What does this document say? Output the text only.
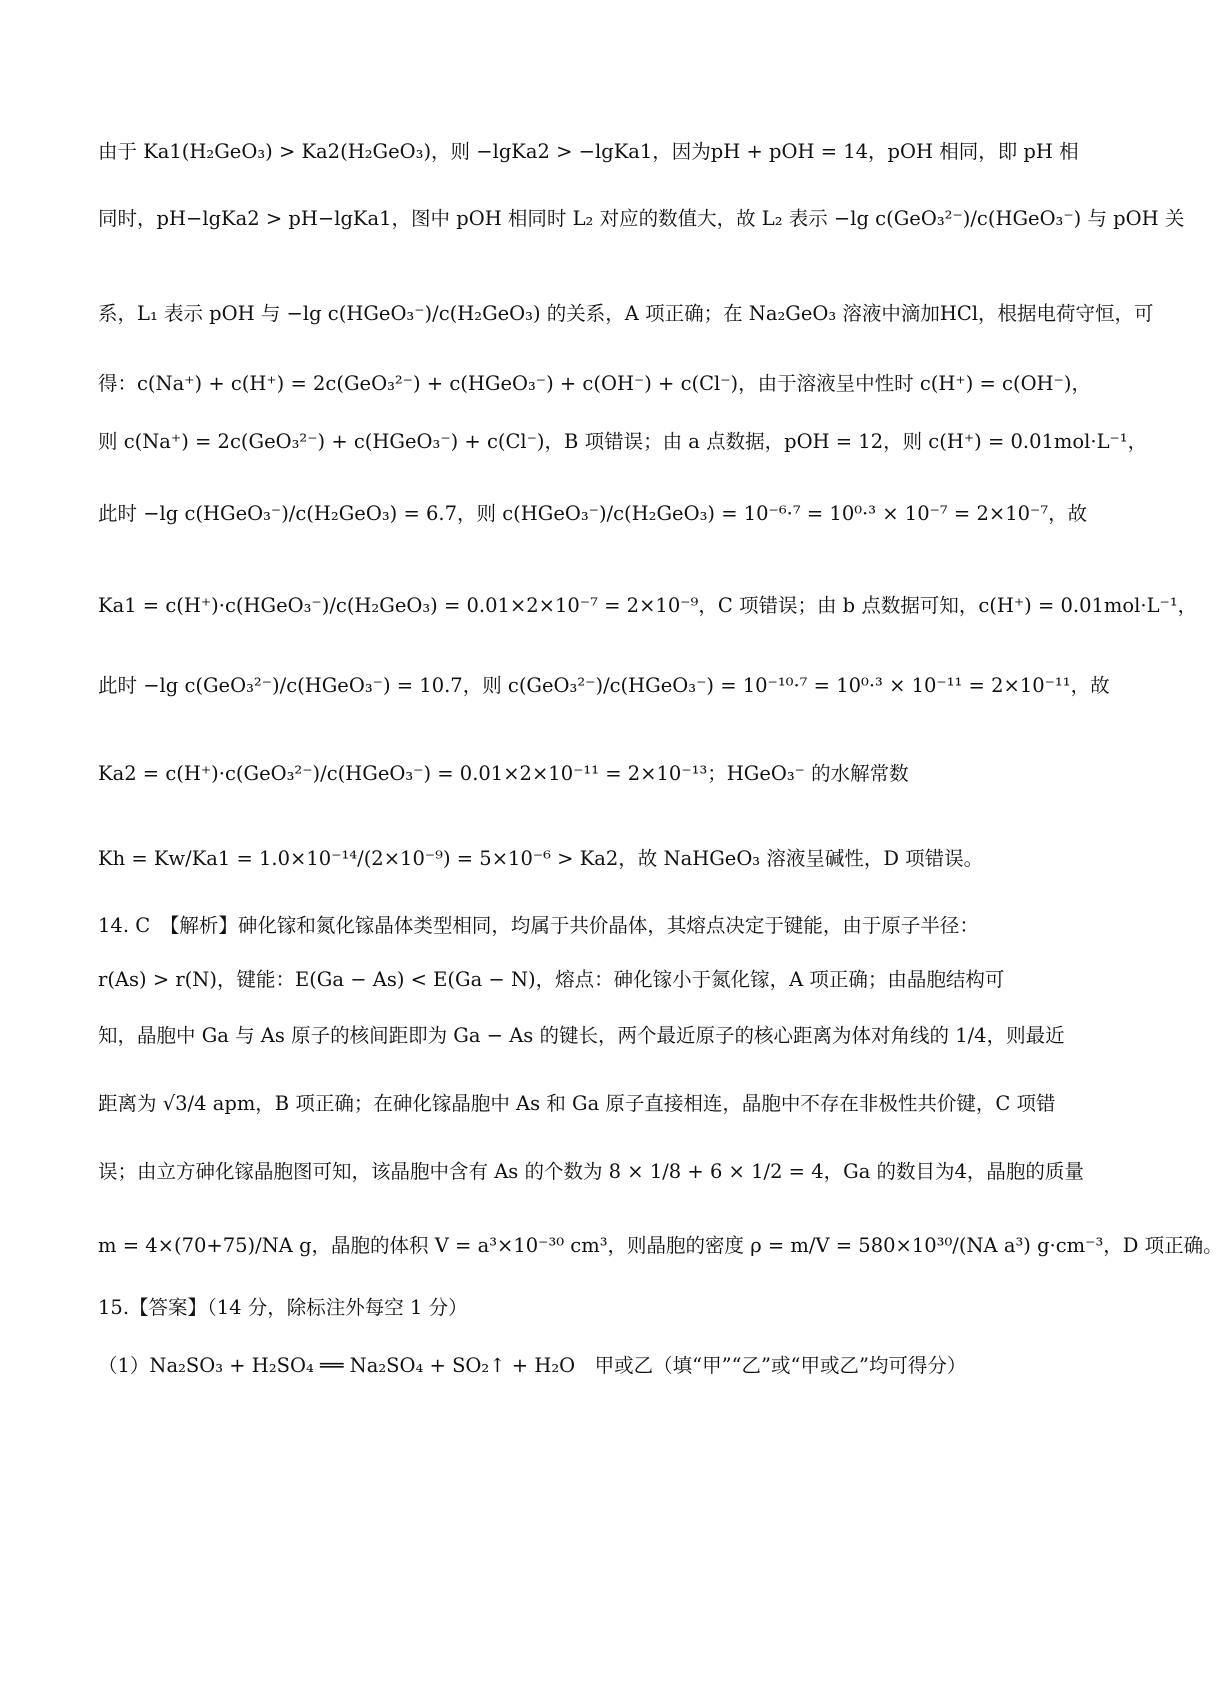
由于 Ka1(H₂GeO₃) > Ka2(H₂GeO₃)，则 −lgKa2 > −lgKa1，因为pH + pOH = 14，pOH 相同，即 pH 相
同时，pH−lgKa2 > pH−lgKa1，图中 pOH 相同时 L₂ 对应的数值大，故 L₂ 表示 −lg c(GeO₃²⁻)/c(HGeO₃⁻) 与 pOH 关
系，L₁ 表示 pOH 与 −lg c(HGeO₃⁻)/c(H₂GeO₃) 的关系，A 项正确；在 Na₂GeO₃ 溶液中滴加HCl，根据电荷守恒，可
得：c(Na⁺) + c(H⁺) = 2c(GeO₃²⁻) + c(HGeO₃⁻) + c(OH⁻) + c(Cl⁻)，由于溶液呈中性时 c(H⁺) = c(OH⁻)，
则 c(Na⁺) = 2c(GeO₃²⁻) + c(HGeO₃⁻) + c(Cl⁻)，B 项错误；由 a 点数据，pOH = 12，则 c(H⁺) = 0.01mol·L⁻¹，
此时 −lg c(HGeO₃⁻)/c(H₂GeO₃) = 6.7，则 c(HGeO₃⁻)/c(H₂GeO₃) = 10⁻⁶·⁷ = 10⁰·³ × 10⁻⁷ = 2×10⁻⁷，故
Ka1 = c(H⁺)·c(HGeO₃⁻)/c(H₂GeO₃) = 0.01×2×10⁻⁷ = 2×10⁻⁹，C 项错误；由 b 点数据可知，c(H⁺) = 0.01mol·L⁻¹，
此时 −lg c(GeO₃²⁻)/c(HGeO₃⁻) = 10.7，则 c(GeO₃²⁻)/c(HGeO₃⁻) = 10⁻¹⁰·⁷ = 10⁰·³ × 10⁻¹¹ = 2×10⁻¹¹，故
Ka2 = c(H⁺)·c(GeO₃²⁻)/c(HGeO₃⁻) = 0.01×2×10⁻¹¹ = 2×10⁻¹³；HGeO₃⁻ 的水解常数
Kh = Kw/Ka1 = 1.0×10⁻¹⁴/(2×10⁻⁹) = 5×10⁻⁶ > Ka2，故 NaHGeO₃ 溶液呈碱性，D 项错误。
14. C　【解析】砷化镓和氮化镓晶体类型相同，均属于共价晶体，其熔点决定于键能，由于原子半径：
r(As) > r(N)，键能：E(Ga − As) < E(Ga − N)，熔点：砷化镓小于氮化镓，A 项正确；由晶胞结构可
知，晶胞中 Ga 与 As 原子的核间距即为 Ga − As 的键长，两个最近原子的核心距离为体对角线的 1/4，则最近
距离为 √3/4 apm，B 项正确；在砷化镓晶胞中 As 和 Ga 原子直接相连，晶胞中不存在非极性共价键，C 项错
误；由立方砷化镓晶胞图可知，该晶胞中含有 As 的个数为 8 × 1/8 + 6 × 1/2 = 4，Ga 的数目为4，晶胞的质量
m = 4×(70+75)/NA g，晶胞的体积 V = a³×10⁻³⁰ cm³，则晶胞的密度 ρ = m/V = 580×10³⁰/(NA a³) g·cm⁻³，D 项正确。
15.【答案】（14 分，除标注外每空 1 分）
（1）Na₂SO₃ + H₂SO₄ ══ Na₂SO₄ + SO₂↑ + H₂O　甲或乙（填“甲”“乙”或“甲或乙”均可得分）
